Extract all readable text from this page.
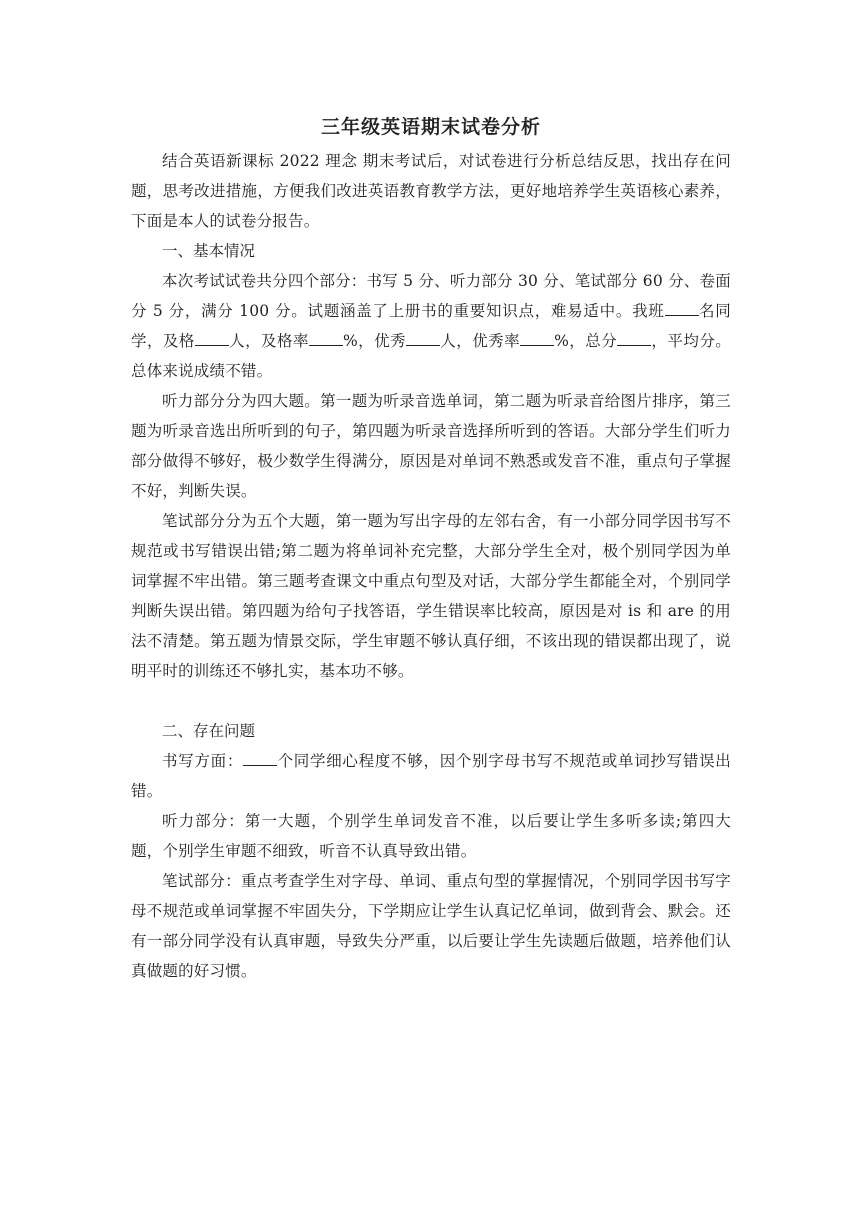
三年级英语期末试卷分析

结合英语新课标 2022 理念 期末考试后，对试卷进行分析总结反思，找出存在问题，思考改进措施，方便我们改进英语教育教学方法，更好地培养学生英语核心素养，下面是本人的试卷分报告。

一、基本情况

本次考试试卷共分四个部分：书写 5 分、听力部分 30 分、笔试部分 60 分、卷面分 5 分，满分 100 分。试题涵盖了上册书的重要知识点，难易适中。我班 名同学，及格 人，及格率 %，优秀 人，优秀率 %，总分 ，平均分。总体来说成绩不错。

听力部分分为四大题。第一题为听录音选单词，第二题为听录音给图片排序，第三题为听录音选出所听到的句子，第四题为听录音选择所听到的答语。大部分学生们听力部分做得不够好，极少数学生得满分，原因是对单词不熟悉或发音不准，重点句子掌握不好，判断失误。

笔试部分分为五个大题，第一题为写出字母的左邻右舍，有一小部分同学因书写不规范或书写错误出错;第二题为将单词补充完整，大部分学生全对，极个别同学因为单词掌握不牢出错。第三题考查课文中重点句型及对话，大部分学生都能全对，个别同学判断失误出错。第四题为给句子找答语，学生错误率比较高，原因是对 is 和 are 的用法不清楚。第五题为情景交际，学生审题不够认真仔细，不该出现的错误都出现了，说明平时的训练还不够扎实，基本功不够。

二、存在问题

书写方面： 个同学细心程度不够，因个别字母书写不规范或单词抄写错误出错。

听力部分：第一大题，个别学生单词发音不准，以后要让学生多听多读;第四大题，个别学生审题不细致，听音不认真导致出错。

笔试部分：重点考查学生对字母、单词、重点句型的掌握情况，个别同学因书写字母不规范或单词掌握不牢固失分，下学期应让学生认真记忆单词，做到背会、默会。还有一部分同学没有认真审题，导致失分严重，以后要让学生先读题后做题，培养他们认真做题的好习惯。
